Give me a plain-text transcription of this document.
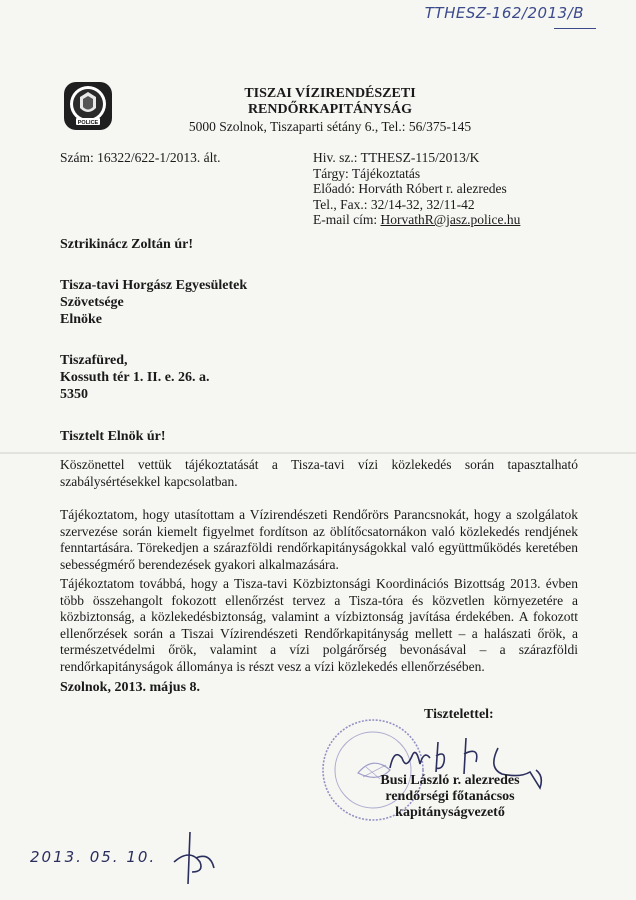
TTHESZ-162/2013/B
POLICE
TISZAI VÍZIRENDÉSZETI
RENDŐRKAPITÁNYSÁG
5000 Szolnok, Tiszaparti sétány 6., Tel.: 56/375-145
Szám: 16322/622-1/2013. ált.	Hiv. sz.: TTHESZ-115/2013/K
Tárgy: Tájékoztatás
Előadó: Horváth Róbert r. alezredes
Tel., Fax.: 32/14-32, 32/11-42
E-mail cím: HorvathR@jasz.police.hu
Sztrikinácz Zoltán úr!
Tisza-tavi Horgász Egyesületek
Szövetsége
Elnöke
Tiszafüred,
Kossuth tér 1. II. e. 26. a.
5350
Tisztelt Elnök úr!
Köszönettel vettük tájékoztatását a Tisza-tavi vízi közlekedés során tapasztalható szabálysértésekkel kapcsolatban.
Tájékoztatom, hogy utasítottam a Vízirendészeti Rendőrörs Parancsnokát, hogy a szolgálatok szervezése során kiemelt figyelmet fordítson az öblítőcsatornákon való közlekedés rendjének fenntartására. Törekedjen a szárazföldi rendőrkapitányságokkal való együttműködés keretében sebességmérő berendezések gyakori alkalmazására.
Tájékoztatom továbbá, hogy a Tisza-tavi Közbiztonsági Koordinációs Bizottság 2013. évben több összehangolt fokozott ellenőrzést tervez a Tisza-tóra és közvetlen környezetére a közbiztonság, a közlekedésbiztonság, valamint a vízbiztonság javítása érdekében. A fokozott ellenőrzések során a Tiszai Vízirendészeti Rendőrkapitányság mellett – a halászati őrök, a természetvédelmi őrök, valamint a vízi polgárőrség bevonásával – a szárazföldi rendőrkapitányságok állománya is részt vesz a vízi közlekedés ellenőrzésében.
Szolnok, 2013. május 8.
Tisztelettel:
Busi László r. alezredes
rendőrségi főtanácsos
kapitányságvezető
2013. 05. 10.
